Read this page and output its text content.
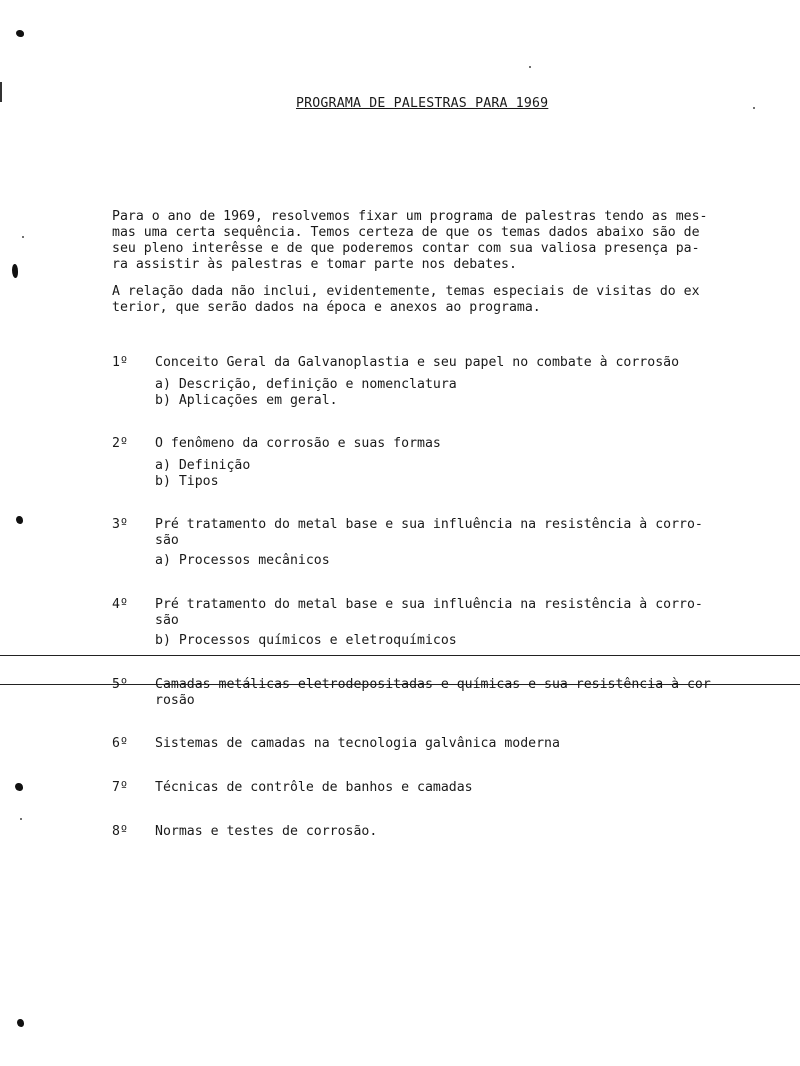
PROGRAMA DE PALESTRAS PARA 1969
Para o ano de 1969, resolvemos fixar um programa de palestras tendo as mes-
mas uma certa sequência. Temos certeza de que os temas dados abaixo são de
seu pleno interêsse e de que poderemos contar com sua valiosa presença pa-
ra assistir às palestras e tomar parte nos debates.
A relação dada não inclui, evidentemente, temas especiais de visitas do ex
terior, que serão dados na época e anexos ao programa.
1º Conceito Geral da Galvanoplastia e seu papel no combate à corrosão
a) Descrição, definição e nomenclatura
b) Aplicações em geral.
2º O fenômeno da corrosão e suas formas
a) Definição
b) Tipos
3º Pré tratamento do metal base e sua influência na resistência à corro-
são
a) Processos mecânicos
4º Pré tratamento do metal base e sua influência na resistência à corro-
são
b) Processos químicos e eletroquímicos
5º Camadas metálicas eletrodepositadas e químicas e sua resistência à cor
rosão
6º Sistemas de camadas na tecnologia galvânica moderna
7º Técnicas de contrôle de banhos e camadas
8º Normas e testes de corrosão.
